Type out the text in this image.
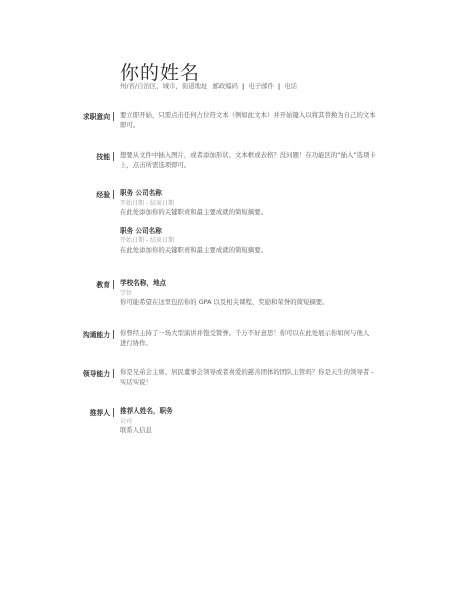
你的姓名
州/省/自治区、城市，街道地址 邮政编码 | 电子邮件 | 电话
求职意向 要立即开始，只需点击任何占位符文本（例如此文本）并开始键入以将其替换为自己的文本
即可。
技能 想要从文件中插入图片，或者添加形状、文本框或表格？没问题！在功能区的“插入”选项卡
上，点击所需选项即可。
经验 职务 公司名称
开始日期 - 结束日期
在此处添加你的关键职责和最主要成就的简短摘要。
职务 公司名称
开始日期 - 结束日期
在此处添加你的关键职责和最主要成就的简短摘要。
教育 学校名称，地点
学位
你可能希望在这里包括你的 GPA 以及相关课程、奖励和荣誉的简短摘要。
沟通能力 你曾经主持了一场大型演讲并饱受赞誉。千万不好意思！你可以在此处展示你如何与他人
进行协作。
领导能力 你是兄弟会主席、居民董事会领导或者喜爱的慈善团体的团队主管吗？你是天生的领导者 -
实话实说！
推荐人 推荐人姓名，职务
公司
联系人信息
